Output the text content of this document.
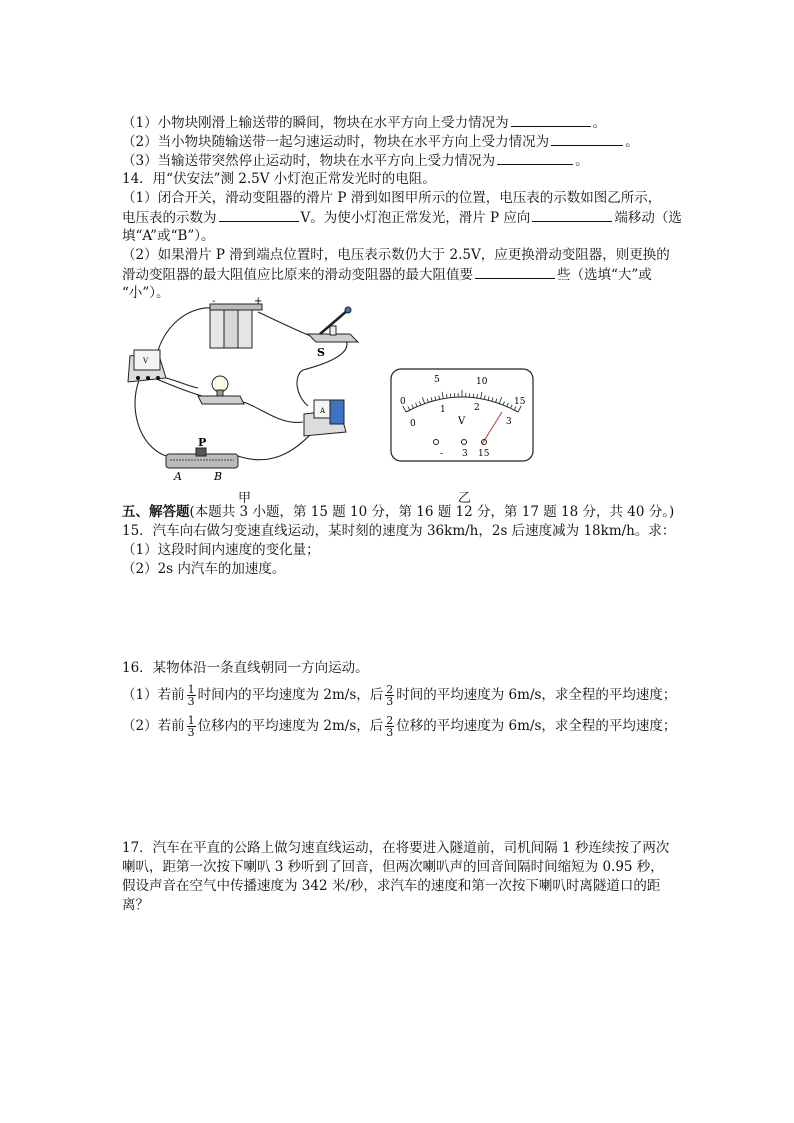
（1）小物块刚滑上输送带的瞬间，物块在水平方向上受力情况为	。
（2）当小物块随输送带一起匀速运动时，物块在水平方向上受力情况为	。
（3）当输送带突然停止运动时，物块在水平方向上受力情况为	。
14．用“伏安法”测 2.5V 小灯泡正常发光时的电阻。
（1）闭合开关，滑动变阻器的滑片 P 滑到如图甲所示的位置，电压表的示数如图乙所示，
电压表的示数为	V。为使小灯泡正常发光，滑片 P 应向	端移动（选
填“A”或“B”）。
（2）如果滑片 P 滑到端点位置时，电压表示数仍大于 2.5V，应更换滑动变阻器，则更换的
滑动变阻器的最大阻值应比原来的滑动变阻器的最大阻值要	些（选填“大”或
“小”）。
-	+
S
V
A
P
A	B
甲
0
5	10
15
0
1	2
3
V
- 3 15
乙
五、解答题(本题共 3 小题，第 15 题 10 分，第 16 题 12 分，第 17 题 18 分，共 40 分。)
15．汽车向右做匀变速直线运动，某时刻的速度为 36km/h，2s 后速度减为 18km/h。求：
（1）这段时间内速度的变化量；
（2）2s 内汽车的加速度。
16．某物体沿一条直线朝同一方向运动。
（1）若前 $\frac{1}{3}$ 时间内的平均速度为 2m/s，后 $\frac{2}{3}$ 时间的平均速度为 6m/s，求全程的平均速度；
（2）若前 $\frac{1}{3}$ 位移内的平均速度为 2m/s，后 $\frac{2}{3}$ 位移的平均速度为 6m/s，求全程的平均速度；
17．汽车在平直的公路上做匀速直线运动，在将要进入隧道前，司机间隔 1 秒连续按了两次
喇叭，距第一次按下喇叭 3 秒听到了回音，但两次喇叭声的回音间隔时间缩短为 0.95 秒，
假设声音在空气中传播速度为 342 米/秒，求汽车的速度和第一次按下喇叭时离隧道口的距
离？
